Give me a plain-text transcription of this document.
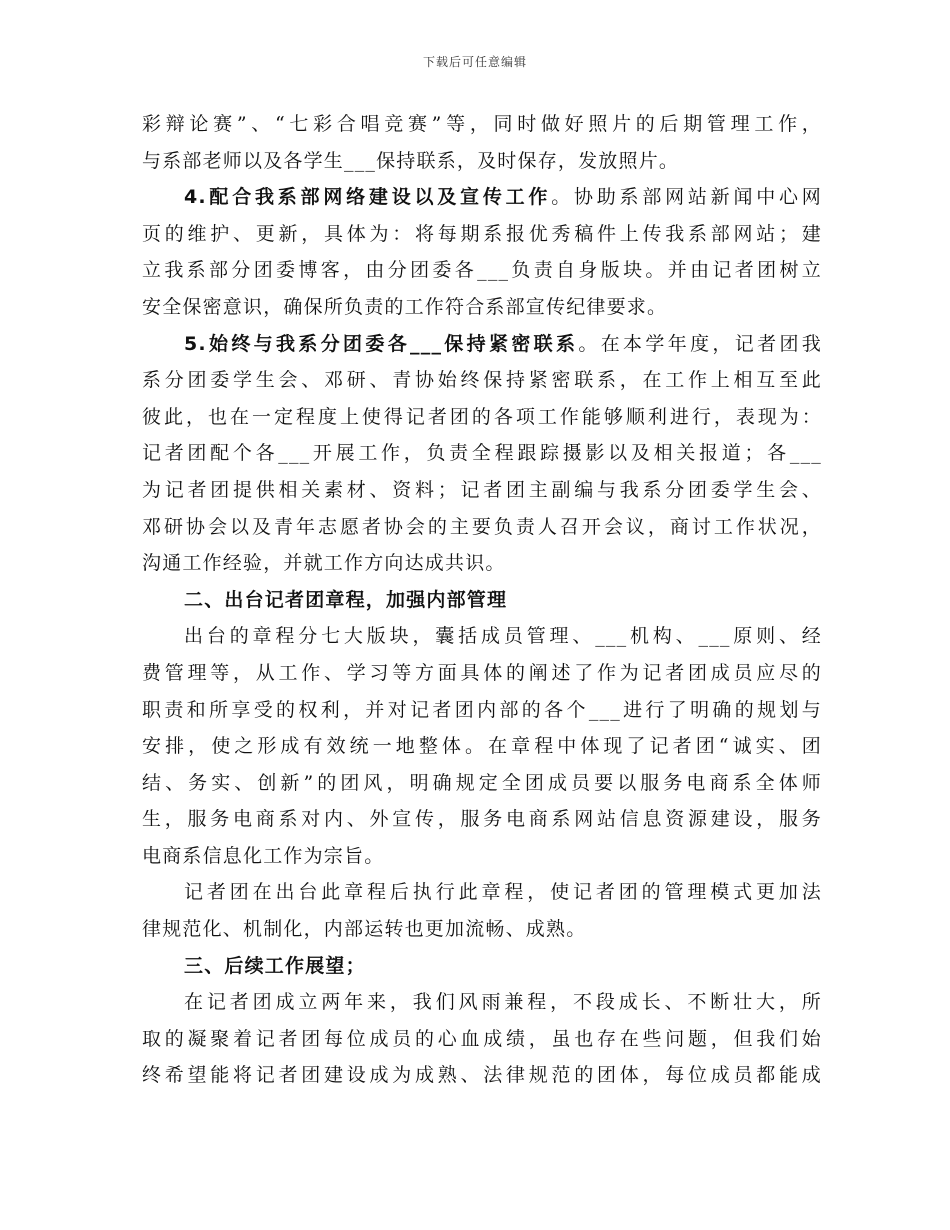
下载后可任意编辑
彩辩论赛”、“七彩合唱竞赛”等，同时做好照片的后期管理工作，
与系部老师以及各学生___保持联系，及时保存，发放照片。
4.配合我系部网络建设以及宣传工作。协助系部网站新闻中心网
页的维护、更新，具体为：将每期系报优秀稿件上传我系部网站；建
立我系部分团委博客，由分团委各___负责自身版块。并由记者团树立
安全保密意识，确保所负责的工作符合系部宣传纪律要求。
5.始终与我系分团委各___保持紧密联系。在本学年度，记者团我
系分团委学生会、邓研、青协始终保持紧密联系，在工作上相互至此
彼此，也在一定程度上使得记者团的各项工作能够顺利进行，表现为：
记者团配个各___开展工作，负责全程跟踪摄影以及相关报道；各___
为记者团提供相关素材、资料；记者团主副编与我系分团委学生会、
邓研协会以及青年志愿者协会的主要负责人召开会议，商讨工作状况，
沟通工作经验，并就工作方向达成共识。
二、出台记者团章程，加强内部管理
出台的章程分七大版块，囊括成员管理、___机构、___原则、经
费管理等，从工作、学习等方面具体的阐述了作为记者团成员应尽的
职责和所享受的权利，并对记者团内部的各个___进行了明确的规划与
安排，使之形成有效统一地整体。在章程中体现了记者团“诚实、团
结、务实、创新”的团风，明确规定全团成员要以服务电商系全体师
生，服务电商系对内、外宣传，服务电商系网站信息资源建设，服务
电商系信息化工作为宗旨。
记者团在出台此章程后执行此章程，使记者团的管理模式更加法
律规范化、机制化，内部运转也更加流畅、成熟。
三、后续工作展望；
在记者团成立两年来，我们风雨兼程，不段成长、不断壮大，所
取的凝聚着记者团每位成员的心血成绩，虽也存在些问题，但我们始
终希望能将记者团建设成为成熟、法律规范的团体，每位成员都能成
